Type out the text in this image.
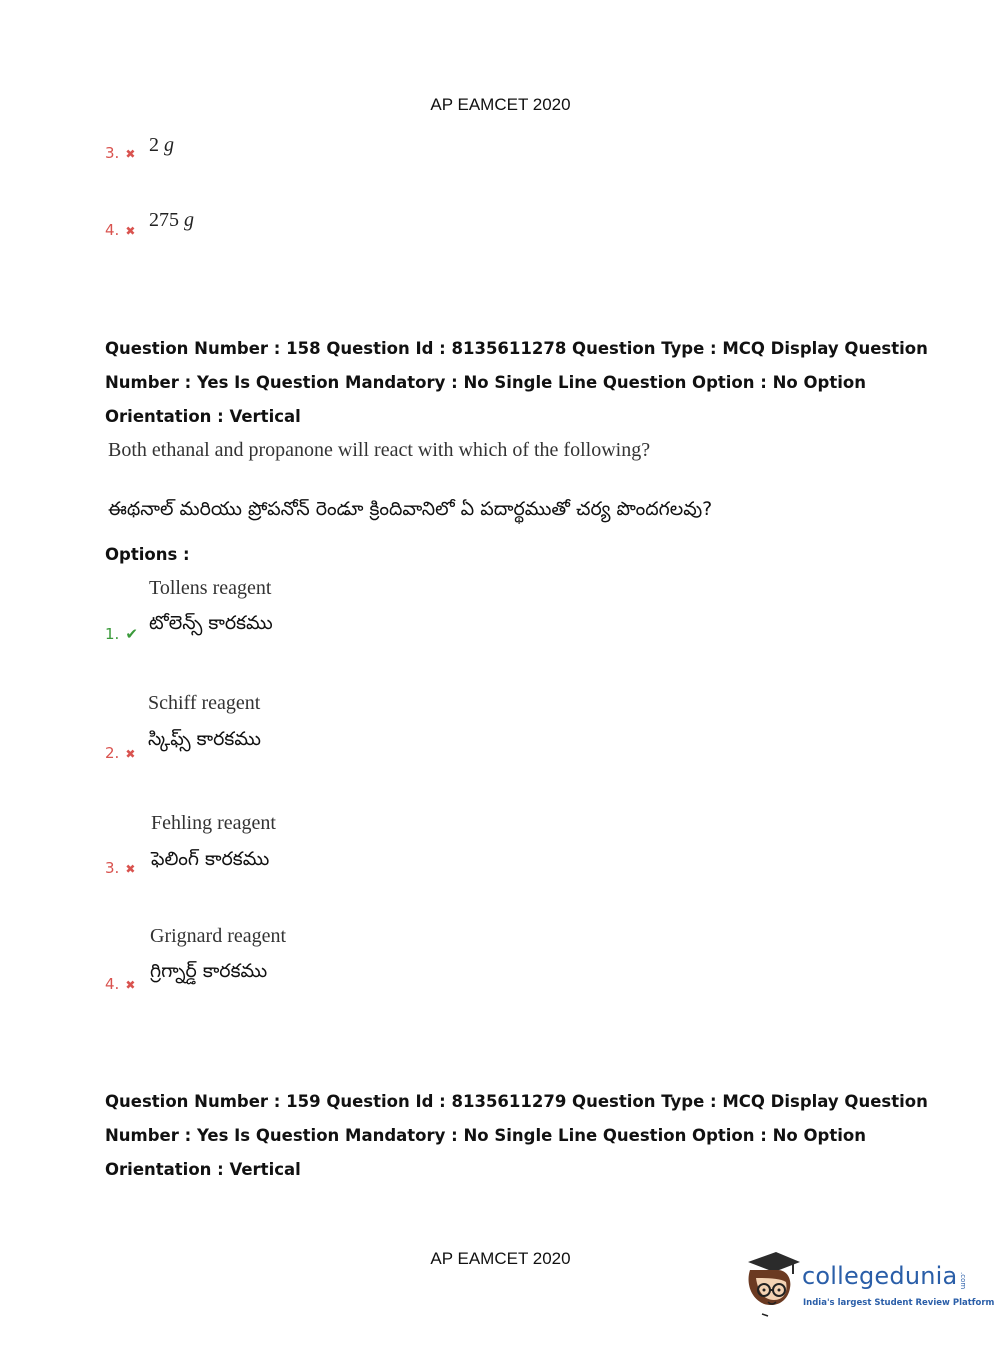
AP EAMCET 2020
3. ✖ 2 g
4. ✖ 275 g
Question Number : 158 Question Id : 8135611278 Question Type : MCQ Display Question
Number : Yes Is Question Mandatory : No Single Line Question Option : No Option
Orientation : Vertical
Both ethanal and propanone will react with which of the following?
ఈథనాల్ మరియు ప్రోపనోన్ రెండూ క్రిందివానిలో ఏ పదార్థముతో చర్య పొందగలవు?
Options :
Tollens reagent
టోలెన్స్ కారకము
1. ✔
Schiff reagent
స్కిఫ్స్ కారకము
2. ✖
Fehling reagent
ఫెలింగ్ కారకము
3. ✖
Grignard reagent
గ్రిగ్నార్డ్ కారకము
4. ✖
Question Number : 159 Question Id : 8135611279 Question Type : MCQ Display Question
Number : Yes Is Question Mandatory : No Single Line Question Option : No Option
Orientation : Vertical
AP EAMCET 2020
collegedunia .com
India's largest Student Review Platform
